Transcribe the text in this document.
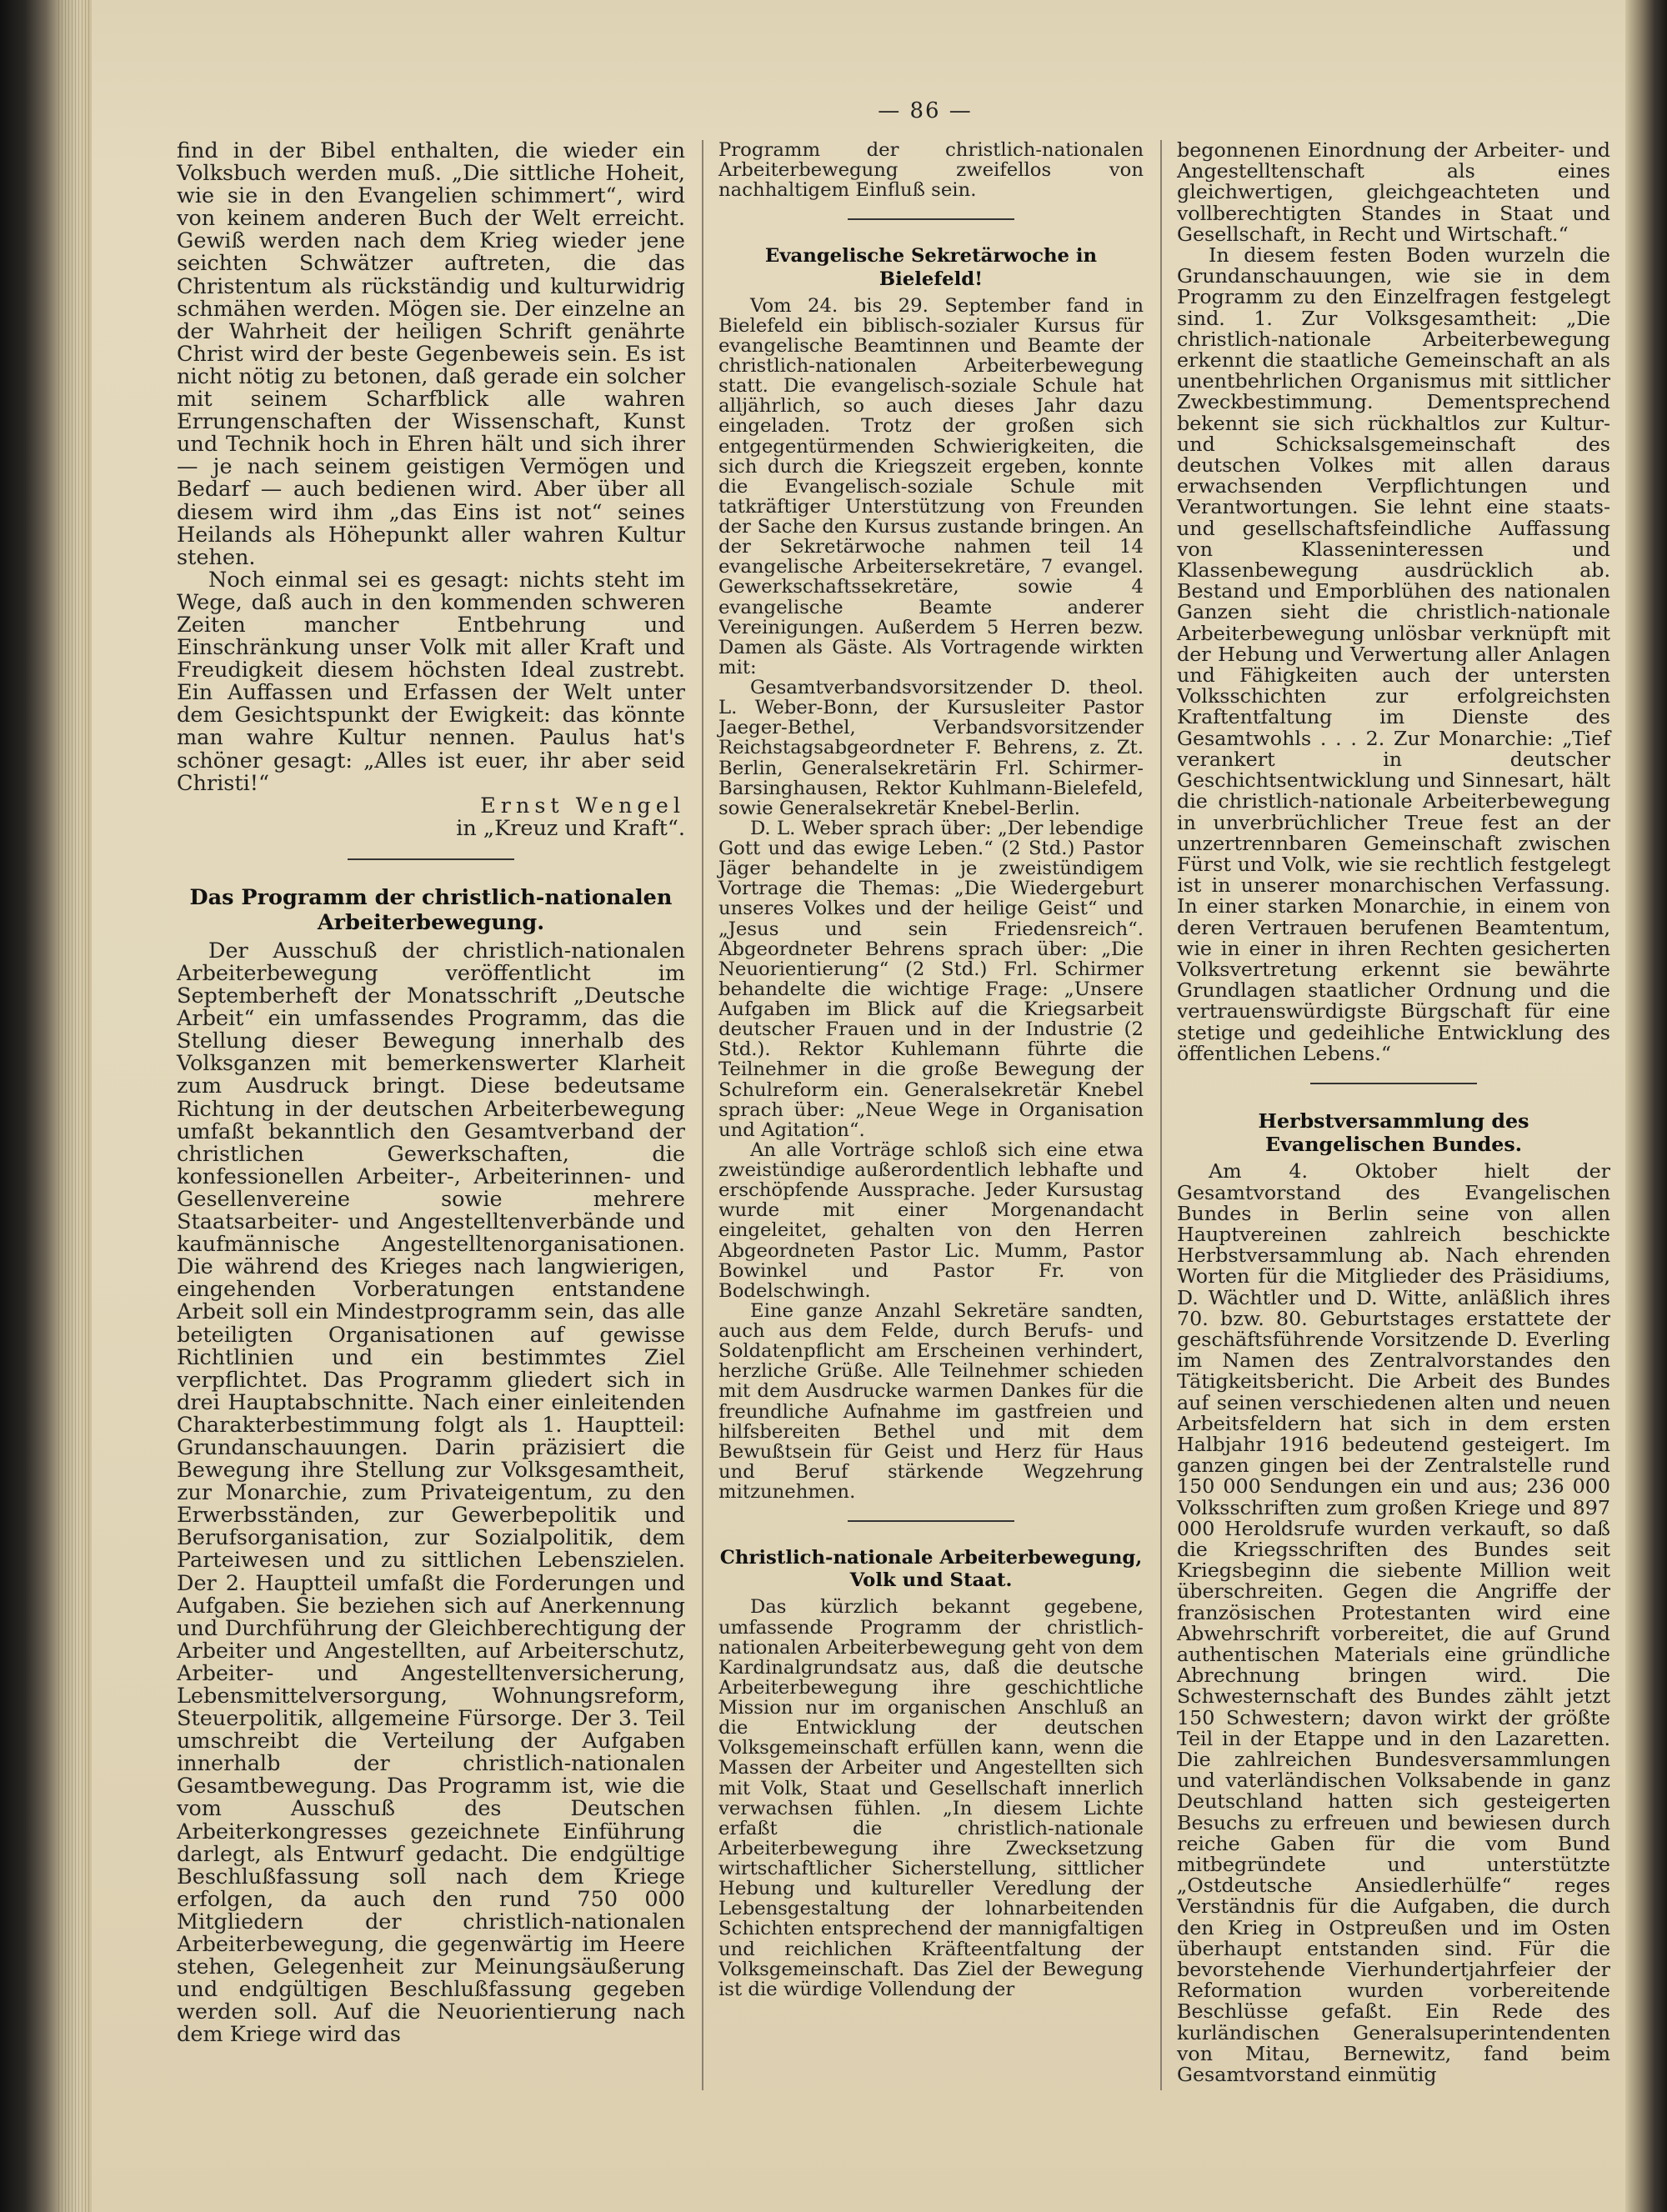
— 86 —

find in der Bibel enthalten, die wieder ein Volksbuch werden muß. „Die sittliche Hoheit, wie sie in den Evangelien schimmert“, wird von keinem anderen Buch der Welt erreicht. Gewiß werden nach dem Krieg wieder jene seichten Schwätzer auftreten, die das Christentum als rückständig und kulturwidrig schmähen werden. Mögen sie. Der einzelne an der Wahrheit der heiligen Schrift genährte Christ wird der beste Gegenbeweis sein. Es ist nicht nötig zu betonen, daß gerade ein solcher mit seinem Scharfblick alle wahren Errungenschaften der Wissenschaft, Kunst und Technik hoch in Ehren hält und sich ihrer — je nach seinem geistigen Vermögen und Bedarf — auch bedienen wird. Aber über all diesem wird ihm „das Eins ist not“ seines Heilands als Höhepunkt aller wahren Kultur stehen.

Noch einmal sei es gesagt: nichts steht im Wege, daß auch in den kommenden schweren Zeiten mancher Entbehrung und Einschränkung unser Volk mit aller Kraft und Freudigkeit diesem höchsten Ideal zustrebt. Ein Auffassen und Erfassen der Welt unter dem Gesichtspunkt der Ewigkeit: das könnte man wahre Kultur nennen. Paulus hat's schöner gesagt: „Alles ist euer, ihr aber seid Christi!“

Ernst Wengel

in „Kreuz und Kraft“.

Das Programm der christlich-nationalen Arbeiterbewegung.

Der Ausschuß der christlich-nationalen Arbeiterbewegung veröffentlicht im Septemberheft der Monatsschrift „Deutsche Arbeit“ ein umfassendes Programm, das die Stellung dieser Bewegung innerhalb des Volksganzen mit bemerkenswerter Klarheit zum Ausdruck bringt. Diese bedeutsame Richtung in der deutschen Arbeiterbewegung umfaßt bekanntlich den Gesamtverband der christlichen Gewerkschaften, die konfessionellen Arbeiter-, Arbeiterinnen- und Gesellenvereine sowie mehrere Staatsarbeiter- und Angestelltenverbände und kaufmännische Angestelltenorganisationen. Die während des Krieges nach langwierigen, eingehenden Vorberatungen entstandene Arbeit soll ein Mindestprogramm sein, das alle beteiligten Organisationen auf gewisse Richtlinien und ein bestimmtes Ziel verpflichtet. Das Programm gliedert sich in drei Hauptabschnitte. Nach einer einleitenden Charakterbestimmung folgt als 1. Hauptteil: Grundanschauungen. Darin präzisiert die Bewegung ihre Stellung zur Volksgesamtheit, zur Monarchie, zum Privateigentum, zu den Erwerbsständen, zur Gewerbepolitik und Berufsorganisation, zur Sozialpolitik, dem Parteiwesen und zu sittlichen Lebenszielen. Der 2. Hauptteil umfaßt die Forderungen und Aufgaben. Sie beziehen sich auf Anerkennung und Durchführung der Gleichberechtigung der Arbeiter und Angestellten, auf Arbeiterschutz, Arbeiter- und Angestelltenversicherung, Lebensmittelversorgung, Wohnungsreform, Steuerpolitik, allgemeine Fürsorge. Der 3. Teil umschreibt die Verteilung der Aufgaben innerhalb der christlich-nationalen Gesamtbewegung. Das Programm ist, wie die vom Ausschuß des Deutschen Arbeiterkongresses gezeichnete Einführung darlegt, als Entwurf gedacht. Die endgültige Beschlußfassung soll nach dem Kriege erfolgen, da auch den rund 750 000 Mitgliedern der christlich-nationalen Arbeiterbewegung, die gegenwärtig im Heere stehen, Gelegenheit zur Meinungsäußerung und endgültigen Beschlußfassung gegeben werden soll. Auf die Neuorientierung nach dem Kriege wird das

Programm der christlich-nationalen Arbeiterbewegung zweifellos von nachhaltigem Einfluß sein.

Evangelische Sekretärwoche in Bielefeld!

Vom 24. bis 29. September fand in Bielefeld ein biblisch-sozialer Kursus für evangelische Beamtinnen und Beamte der christlich-nationalen Arbeiterbewegung statt. Die evangelisch-soziale Schule hat alljährlich, so auch dieses Jahr dazu eingeladen. Trotz der großen sich entgegentürmenden Schwierigkeiten, die sich durch die Kriegszeit ergeben, konnte die Evangelisch-soziale Schule mit tatkräftiger Unterstützung von Freunden der Sache den Kursus zustande bringen. An der Sekretärwoche nahmen teil 14 evangelische Arbeitersekretäre, 7 evangel. Gewerkschaftssekretäre, sowie 4 evangelische Beamte anderer Vereinigungen. Außerdem 5 Herren bezw. Damen als Gäste. Als Vortragende wirkten mit:

Gesamtverbandsvorsitzender D. theol. L. Weber-Bonn, der Kursusleiter Pastor Jaeger-Bethel, Verbandsvorsitzender Reichstagsabgeordneter F. Behrens, z. Zt. Berlin, Generalsekretärin Frl. Schirmer-Barsinghausen, Rektor Kuhlmann-Bielefeld, sowie Generalsekretär Knebel-Berlin.

D. L. Weber sprach über: „Der lebendige Gott und das ewige Leben.“ (2 Std.) Pastor Jäger behandelte in je zweistündigem Vortrage die Themas: „Die Wiedergeburt unseres Volkes und der heilige Geist“ und „Jesus und sein Friedensreich“. Abgeordneter Behrens sprach über: „Die Neuorientierung“ (2 Std.) Frl. Schirmer behandelte die wichtige Frage: „Unsere Aufgaben im Blick auf die Kriegsarbeit deutscher Frauen und in der Industrie (2 Std.). Rektor Kuhlemann führte die Teilnehmer in die große Bewegung der Schulreform ein. Generalsekretär Knebel sprach über: „Neue Wege in Organisation und Agitation“.

An alle Vorträge schloß sich eine etwa zweistündige außerordentlich lebhafte und erschöpfende Aussprache. Jeder Kursustag wurde mit einer Morgenandacht eingeleitet, gehalten von den Herren Abgeordneten Pastor Lic. Mumm, Pastor Bowinkel und Pastor Fr. von Bodelschwingh.

Eine ganze Anzahl Sekretäre sandten, auch aus dem Felde, durch Berufs- und Soldatenpflicht am Erscheinen verhindert, herzliche Grüße. Alle Teilnehmer schieden mit dem Ausdrucke warmen Dankes für die freundliche Aufnahme im gastfreien und hilfsbereiten Bethel und mit dem Bewußtsein für Geist und Herz für Haus und Beruf stärkende Wegzehrung mitzunehmen.

Christlich-nationale Arbeiterbewegung, Volk und Staat.

Das kürzlich bekannt gegebene, umfassende Programm der christlich-nationalen Arbeiterbewegung geht von dem Kardinalgrundsatz aus, daß die deutsche Arbeiterbewegung ihre geschichtliche Mission nur im organischen Anschluß an die Entwicklung der deutschen Volksgemeinschaft erfüllen kann, wenn die Massen der Arbeiter und Angestellten sich mit Volk, Staat und Gesellschaft innerlich verwachsen fühlen. „In diesem Lichte erfaßt die christlich-nationale Arbeiterbewegung ihre Zwecksetzung wirtschaftlicher Sicherstellung, sittlicher Hebung und kultureller Veredlung der Lebensgestaltung der lohnarbeitenden Schichten entsprechend der mannigfaltigen und reichlichen Kräfteentfaltung der Volksgemeinschaft. Das Ziel der Bewegung ist die würdige Vollendung der

begonnenen Einordnung der Arbeiter- und Angestelltenschaft als eines gleichwertigen, gleichgeachteten und vollberechtigten Standes in Staat und Gesellschaft, in Recht und Wirtschaft.“

In diesem festen Boden wurzeln die Grundanschauungen, wie sie in dem Programm zu den Einzelfragen festgelegt sind. 1. Zur Volksgesamtheit: „Die christlich-nationale Arbeiterbewegung erkennt die staatliche Gemeinschaft an als unentbehrlichen Organismus mit sittlicher Zweckbestimmung. Dementsprechend bekennt sie sich rückhaltlos zur Kultur- und Schicksalsgemeinschaft des deutschen Volkes mit allen daraus erwachsenden Verpflichtungen und Verantwortungen. Sie lehnt eine staats- und gesellschaftsfeindliche Auffassung von Klasseninteressen und Klassenbewegung ausdrücklich ab. Bestand und Emporblühen des nationalen Ganzen sieht die christlich-nationale Arbeiterbewegung unlösbar verknüpft mit der Hebung und Verwertung aller Anlagen und Fähigkeiten auch der untersten Volksschichten zur erfolgreichsten Kraftentfaltung im Dienste des Gesamtwohls . . . 2. Zur Monarchie: „Tief verankert in deutscher Geschichtsentwicklung und Sinnesart, hält die christlich-nationale Arbeiterbewegung in unverbrüchlicher Treue fest an der unzertrennbaren Gemeinschaft zwischen Fürst und Volk, wie sie rechtlich festgelegt ist in unserer monarchischen Verfassung. In einer starken Monarchie, in einem von deren Vertrauen berufenen Beamtentum, wie in einer in ihren Rechten gesicherten Volksvertretung erkennt sie bewährte Grundlagen staatlicher Ordnung und die vertrauenswürdigste Bürgschaft für eine stetige und gedeihliche Entwicklung des öffentlichen Lebens.“

Herbstversammlung des Evangelischen Bundes.

Am 4. Oktober hielt der Gesamtvorstand des Evangelischen Bundes in Berlin seine von allen Hauptvereinen zahlreich beschickte Herbstversammlung ab. Nach ehrenden Worten für die Mitglieder des Präsidiums, D. Wächtler und D. Witte, anläßlich ihres 70. bzw. 80. Geburtstages erstattete der geschäftsführende Vorsitzende D. Everling im Namen des Zentralvorstandes den Tätigkeitsbericht. Die Arbeit des Bundes auf seinen verschiedenen alten und neuen Arbeitsfeldern hat sich in dem ersten Halbjahr 1916 bedeutend gesteigert. Im ganzen gingen bei der Zentralstelle rund 150 000 Sendungen ein und aus; 236 000 Volksschriften zum großen Kriege und 897 000 Heroldsrufe wurden verkauft, so daß die Kriegsschriften des Bundes seit Kriegsbeginn die siebente Million weit überschreiten. Gegen die Angriffe der französischen Protestanten wird eine Abwehrschrift vorbereitet, die auf Grund authentischen Materials eine gründliche Abrechnung bringen wird. Die Schwesternschaft des Bundes zählt jetzt 150 Schwestern; davon wirkt der größte Teil in der Etappe und in den Lazaretten. Die zahlreichen Bundesversammlungen und vaterländischen Volksabende in ganz Deutschland hatten sich gesteigerten Besuchs zu erfreuen und bewiesen durch reiche Gaben für die vom Bund mitbegründete und unterstützte „Ostdeutsche Ansiedlerhülfe“ reges Verständnis für die Aufgaben, die durch den Krieg in Ostpreußen und im Osten überhaupt entstanden sind. Für die bevorstehende Vierhundertjahrfeier der Reformation wurden vorbereitende Beschlüsse gefaßt. Ein Rede des kurländischen Generalsuperintendenten von Mitau, Bernewitz, fand beim Gesamtvorstand einmütig
